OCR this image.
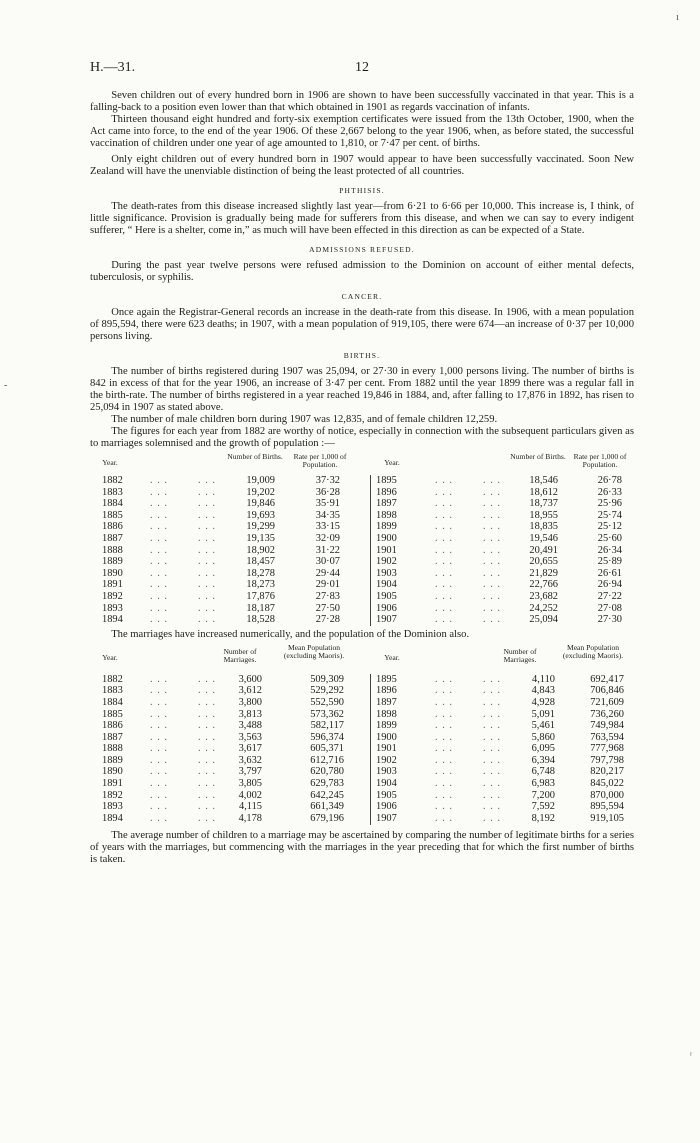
H.—31.	12
ı

Seven children out of every hundred born in 1906 are shown to have been successfully vaccinated in that year. This is a falling-back to a position even lower than that which obtained in 1901 as regards vaccination of infants.

Thirteen thousand eight hundred and forty-six exemption certificates were issued from the 13th October, 1900, when the Act came into force, to the end of the year 1906. Of these 2,667 belong to the year 1906, when, as before stated, the successful vaccination of children under one year of age amounted to 1,810, or 7·47 per cent. of births.

Only eight children out of every hundred born in 1907 would appear to have been successfully vaccinated. Soon New Zealand will have the unenviable distinction of being the least protected of all countries.

PHTHISIS.

The death-rates from this disease increased slightly last year—from 6·21 to 6·66 per 10,000. This increase is, I think, of little significance. Provision is gradually being made for sufferers from this disease, and when we can say to every indigent sufferer, “ Here is a shelter, come in,” as much will have been effected in this direction as can be expected of a State.

ADMISSIONS REFUSED.

During the past year twelve persons were refused admission to the Dominion on account of either mental defects, tuberculosis, or syphilis.

CANCER.

Once again the Registrar-General records an increase in the death-rate from this disease. In 1906, with a mean population of 895,594, there were 623 deaths; in 1907, with a mean population of 919,105, there were 674—an increase of 0·37 per 10,000 persons living.

BIRTHS.

The number of births registered during 1907 was 25,094, or 27·30 in every 1,000 persons living. The number of births is 842 in excess of that for the year 1906, an increase of 3·47 per cent. From 1882 until the year 1899 there was a regular fall in the birth-rate. The number of births registered in a year reached 19,846 in 1884, and, after falling to 17,876 in 1892, has risen to 25,094 in 1907 as stated above.

The number of male children born during 1907 was 12,835, and of female children 12,259.

The figures for each year from 1882 are worthy of notice, especially in connection with the subsequent particulars given as to marriages solemnised and the growth of population :—

Year.
Number of Births.	Rate per 1,000 of Population.	Year.
Number of Births.	Rate per 1,000 of Population.
. . .	. . .	. . .	. . .
1882	19,009	37·32	1895	18,546	26·78
. . .	. . .	. . .	. . .
1883	19,202	36·28	1896	18,612	26·33
. . .	. . .	. . .	. . .
1884	19,846	35·91	1897	18,737	25·96
. . .	. . .	. . .	. . .
1885	19,693	34·35	1898	18,955	25·74
. . .	. . .	. . .	. . .
1886	19,299	33·15	1899	18,835	25·12
. . .	. . .	. . .	. . .
1887	19,135	32·09	1900	19,546	25·60
. . .	. . .	. . .	. . .
1888	18,902	31·22	1901	20,491	26·34
. . .	. . .	. . .	. . .
1889	18,457	30·07	1902	20,655	25·89
. . .	. . .	. . .	. . .
1890	18,278	29·44	1903	21,829	26·61
. . .	. . .	. . .	. . .
1891	18,273	29·01	1904	22,766	26·94
. . .	. . .	. . .	. . .
1892	17,876	27·83	1905	23,682	27·22
. . .	. . .	. . .	. . .
1893	18,187	27·50	1906	24,252	27·08
. . .	. . .	. . .	. . .
1894	18,528	27·28	1907	25,094	27·30

The marriages have increased numerically, and the population of the Dominion also.

Year.
Number of Marriages.
Mean Population (excluding Maoris).	Year.
Number of Marriages.
Mean Population (excluding Maoris).
. . .	. . .	. . .	. . .
1882	3,600	509,309	1895	4,110	692,417
. . .	. . .	. . .	. . .
1883	3,612	529,292	1896	4,843	706,846
. . .	. . .	. . .	. . .
1884	3,800	552,590	1897	4,928	721,609
. . .	. . .	. . .	. . .
1885	3,813	573,362	1898	5,091	736,260
. . .	. . .	. . .	. . .
1886	3,488	582,117	1899	5,461	749,984
. . .	. . .	. . .	. . .
1887	3,563	596,374	1900	5,860	763,594
. . .	. . .	. . .	. . .
1888	3,617	605,371	1901	6,095	777,968
. . .	. . .	. . .	. . .
1889	3,632	612,716	1902	6,394	797,798
. . .	. . .	. . .	. . .
1890	3,797	620,780	1903	6,748	820,217
. . .	. . .	. . .	. . .
1891	3,805	629,783	1904	6,983	845,022
. . .	. . .	. . .	. . .
1892	4,002	642,245	1905	7,200	870,000
. . .	. . .	. . .	. . .
1893	4,115	661,349	1906	7,592	895,594
. . .	. . .	. . .	. . .
1894	4,178	679,196	1907	8,192	919,105

The average number of children to a marriage may be ascertained by comparing the number of legitimate births for a series of years with the marriages, but commencing with the marriages in the year preceding that for which the first number of births is taken.

-
ʳ
